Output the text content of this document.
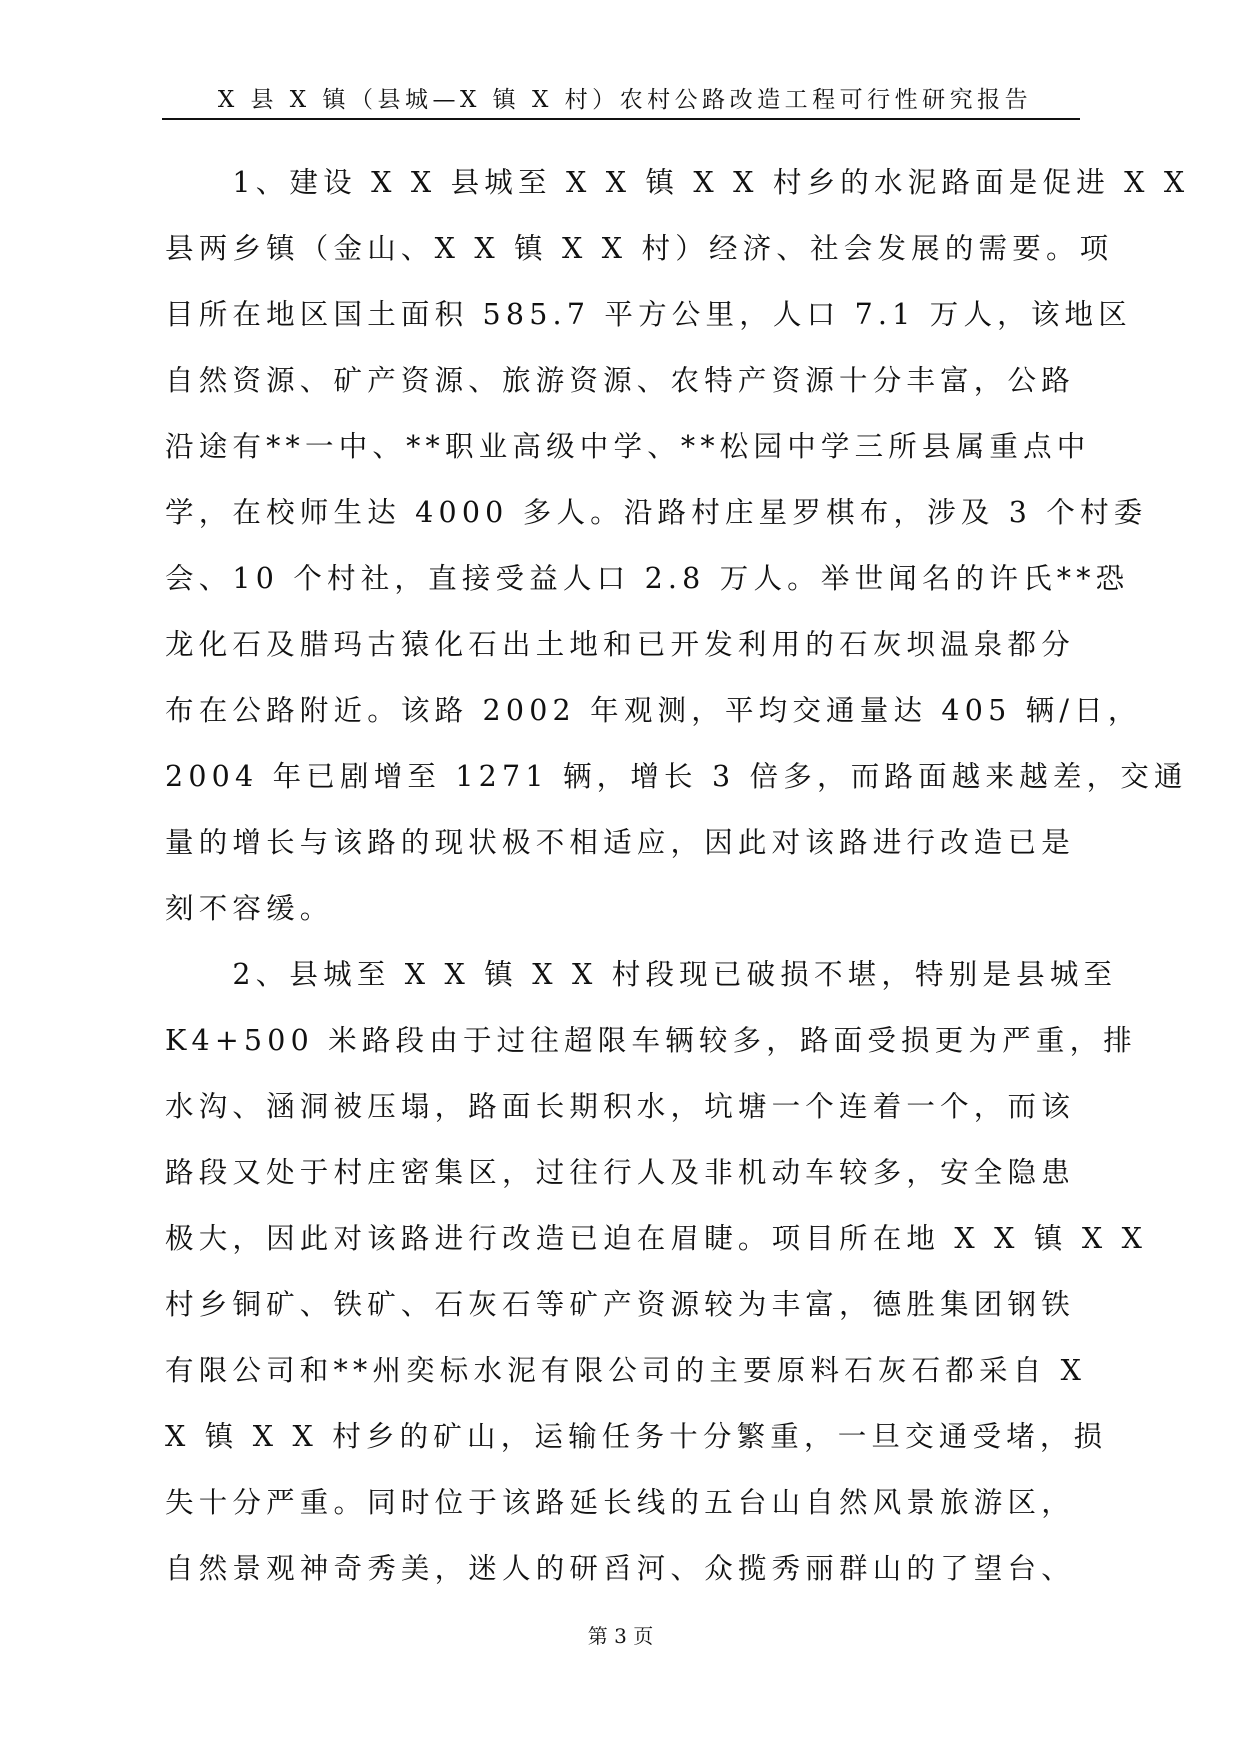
X 县 X 镇（县城—X 镇 X 村）农村公路改造工程可行性研究报告
　　1、建设 X X 县城至 X X 镇 X X 村乡的水泥路面是促进 X X
县两乡镇（金山、X X 镇 X X 村）经济、社会发展的需要。项
目所在地区国土面积 585.7 平方公里，人口 7.1 万人，该地区
自然资源、矿产资源、旅游资源、农特产资源十分丰富，公路
沿途有**一中、**职业高级中学、**松园中学三所县属重点中
学，在校师生达 4000 多人。沿路村庄星罗棋布，涉及 3 个村委
会、10 个村社，直接受益人口 2.8 万人。举世闻名的许氏**恐
龙化石及腊玛古猿化石出土地和已开发利用的石灰坝温泉都分
布在公路附近。该路 2002 年观测，平均交通量达 405 辆/日，
2004 年已剧增至 1271 辆，增长 3 倍多，而路面越来越差，交通
量的增长与该路的现状极不相适应，因此对该路进行改造已是
刻不容缓。
　　2、县城至 X X 镇 X X 村段现已破损不堪，特别是县城至
K4+500 米路段由于过往超限车辆较多，路面受损更为严重，排
水沟、涵洞被压塌，路面长期积水，坑塘一个连着一个，而该
路段又处于村庄密集区，过往行人及非机动车较多，安全隐患
极大，因此对该路进行改造已迫在眉睫。项目所在地 X X 镇 X X
村乡铜矿、铁矿、石灰石等矿产资源较为丰富，德胜集团钢铁
有限公司和**州奕标水泥有限公司的主要原料石灰石都采自 X
X 镇 X X 村乡的矿山，运输任务十分繁重，一旦交通受堵，损
失十分严重。同时位于该路延长线的五台山自然风景旅游区，
自然景观神奇秀美，迷人的研舀河、众揽秀丽群山的了望台、
第 3 页
